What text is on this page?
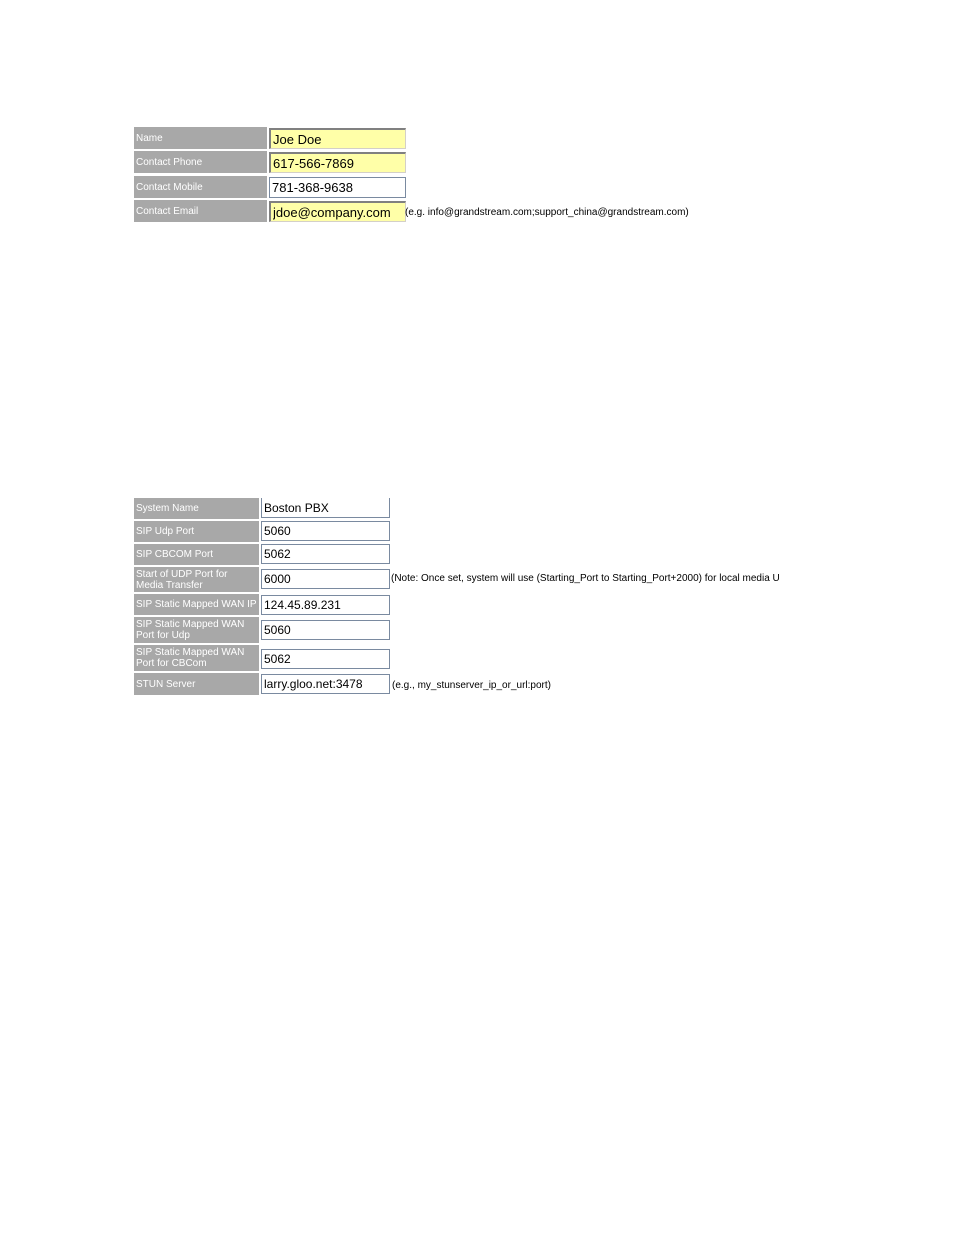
Name
Joe Doe
Contact Phone
617-566-7869
Contact Mobile
781-368-9638
Contact Email
jdoe@company.com	(e.g. info@grandstream.com;support_china@grandstream.com)
System Name
Boston PBX
SIP Udp Port
5060
SIP CBCOM Port
5062
Start of UDP Port for Media Transfer
6000
(Note: Once set, system will use (Starting_Port to Starting_Port+2000) for local media U
SIP Static Mapped WAN IP
124.45.89.231
SIP Static Mapped WAN Port for Udp
5060
SIP Static Mapped WAN Port for CBCom
5062
STUN Server
larry.gloo.net:3478	(e.g., my_stunserver_ip_or_url:port)
